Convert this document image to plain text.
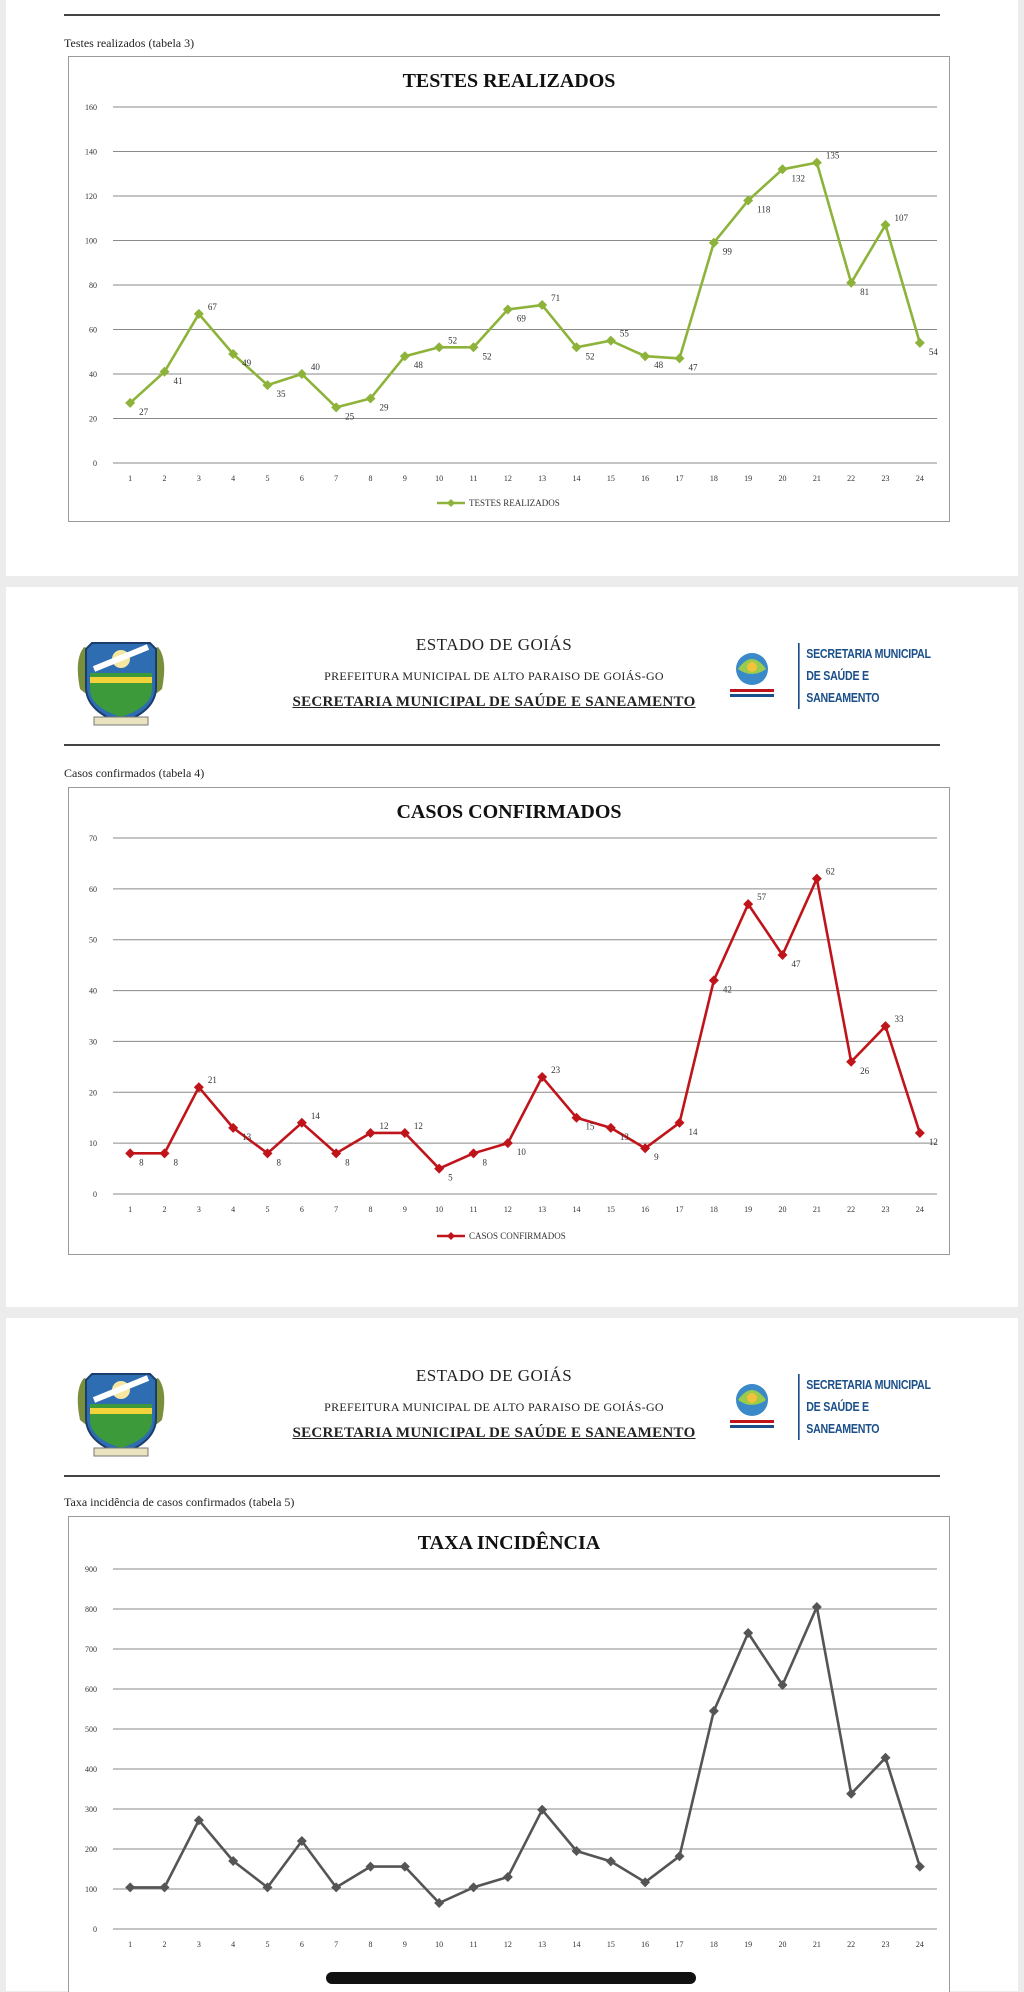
Testes realizados (tabela 3)
TESTES REALIZADOS
0
20
40
60
80
100
120
140
160
1	2	3	4	5	6	7	8	9	10	11	12	13	14	15	16	17	18	19	20	21	22	23	24
27
41
67
49
35
40
25
29
48
52
52
69
71
52
55
48	47
99
118
132
135
81
107
54
TESTES REALIZADOS
ESTADO DE GOIÁS
PREFEITURA MUNICIPAL DE ALTO PARAISO DE GOIÁS-GO
SECRETARIA MUNICIPAL DE SAÚDE E SANEAMENTO
SECRETARIA MUNICIPAL
DE SAÚDE E
SANEAMENTO
Casos confirmados (tabela 4)
CASOS CONFIRMADOS
0
10
20
30
40
50
60
70
1	2	3	4	5	6	7	8	9	10	11	12	13	14	15	16	17	18	19	20	21	22	23	24
8	8
21
13
8
14
8
12	12
5
8
10
23
15
13
9
14
42
57
47
62
26
33
12
CASOS CONFIRMADOS
ESTADO DE GOIÁS
PREFEITURA MUNICIPAL DE ALTO PARAISO DE GOIÁS-GO
SECRETARIA MUNICIPAL DE SAÚDE E SANEAMENTO
SECRETARIA MUNICIPAL
DE SAÚDE E
SANEAMENTO
Taxa incidência de casos confirmados (tabela 5)
TAXA INCIDÊNCIA
0
100
200
300
400
500
600
700
800
900
1	2	3	4	5	6	7	8	9	10	11	12	13	14	15	16	17	18	19	20	21	22	23	24
